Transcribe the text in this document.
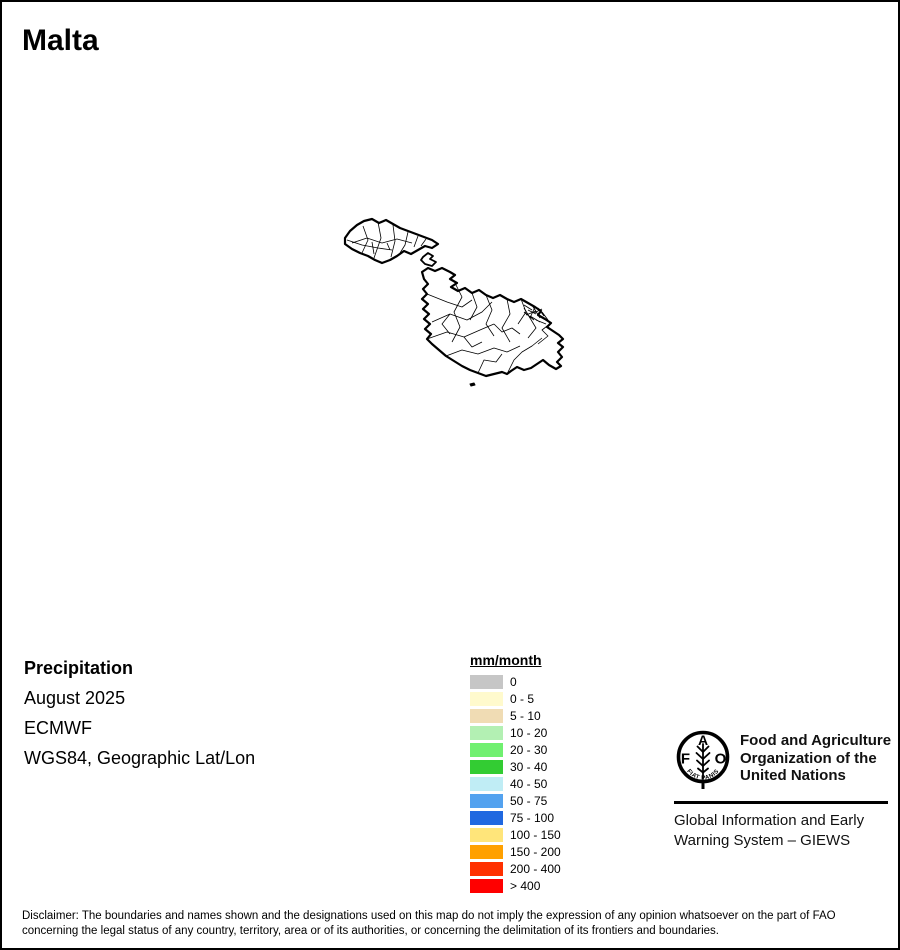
Malta
Precipitation
August 2025
ECMWF
WGS84, Geographic Lat/Lon
mm/month
0
0 - 5
5 - 10
10 - 20
20 - 30
30 - 40
40 - 50
50 - 75
75 - 100
100 - 150
150 - 200
200 - 400
> 400
F
A
O
FIAT PANIS
Food and Agriculture
Organization of the
United Nations
Global Information and Early
Warning System – GIEWS
Disclaimer: The boundaries and names shown and the designations used on this map do not imply the expression of any opinion whatsoever on the part of FAO
concerning the legal status of any country, territory, area or of its authorities, or concerning the delimitation of its frontiers and boundaries.
